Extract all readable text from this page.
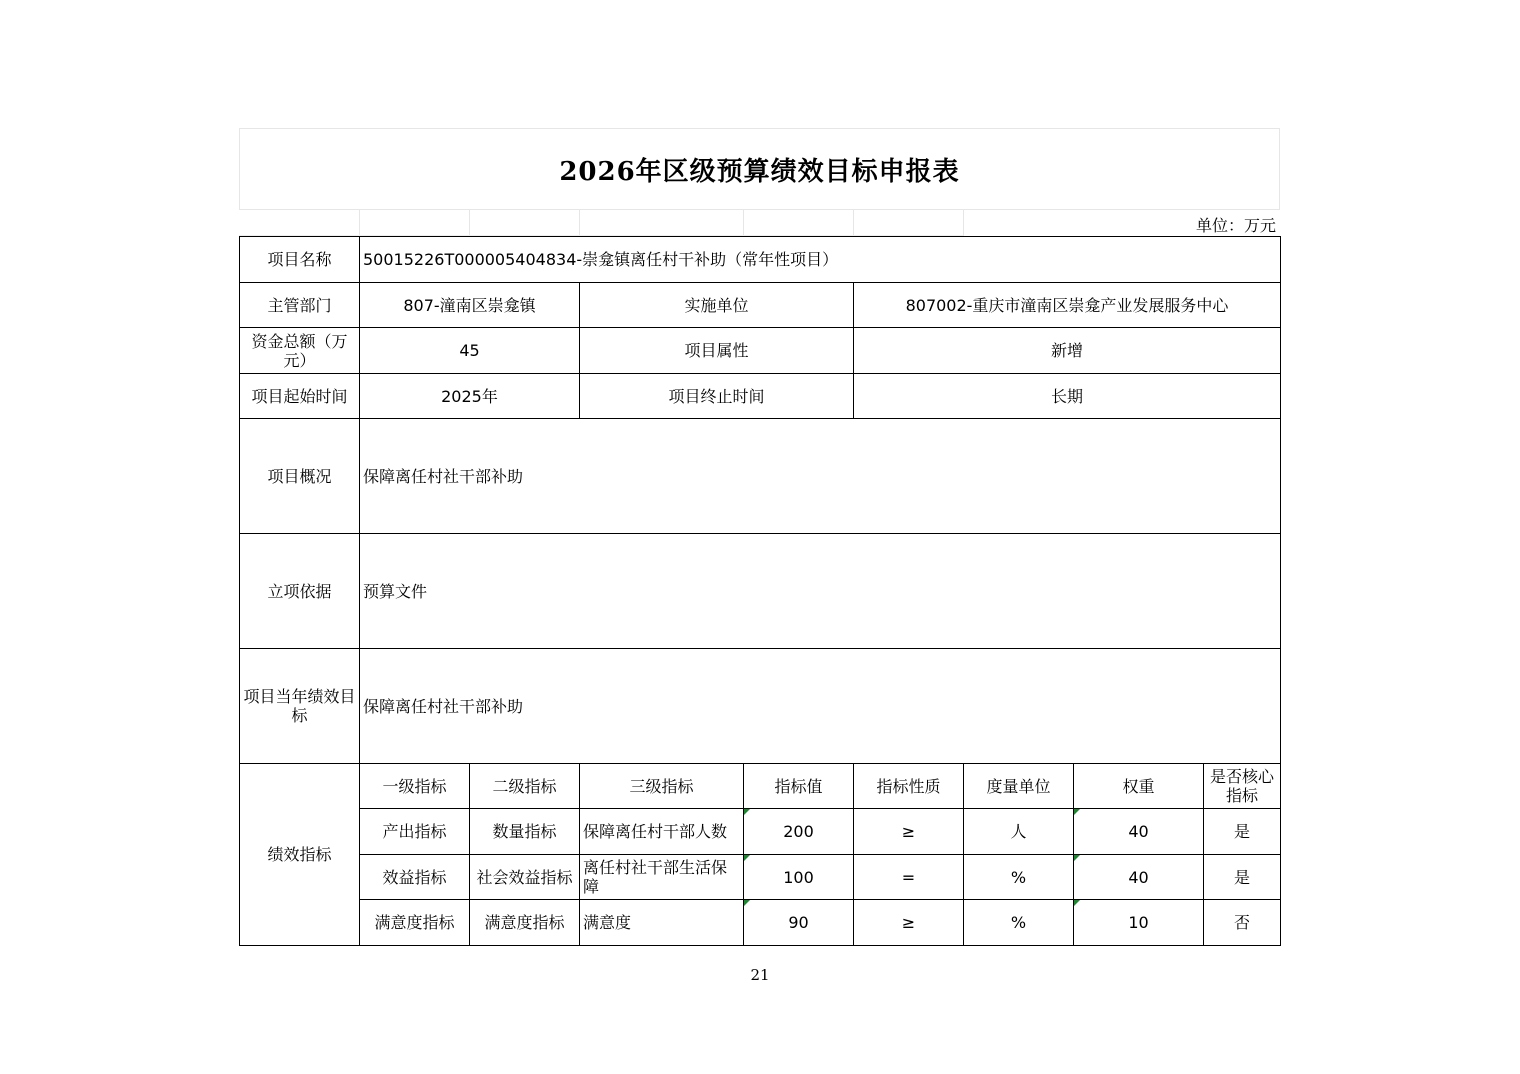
2026年区级预算绩效目标申报表
单位：万元
项目名称	50015226T000005404834-崇龛镇离任村干补助（常年性项目）							
主管部门	807-潼南区崇龛镇		实施单位		807002-重庆市潼南区崇龛产业发展服务中心			
资金总额（万元）	45		项目属性		新增			
项目起始时间	2025年		项目终止时间		长期			
项目概况	保障离任村社干部补助							
立项依据	预算文件							
项目当年绩效目标	保障离任村社干部补助							
绩效指标	一级指标	二级指标	三级指标	指标值	指标性质	度量单位	权重	是否核心指标
	产出指标	数量指标	保障离任村干部人数	200	≥	人	40	是
	效益指标	社会效益指标	离任村社干部生活保障	100	=	%	40	是
	满意度指标	满意度指标	满意度	90	≥	%	10	否
21
